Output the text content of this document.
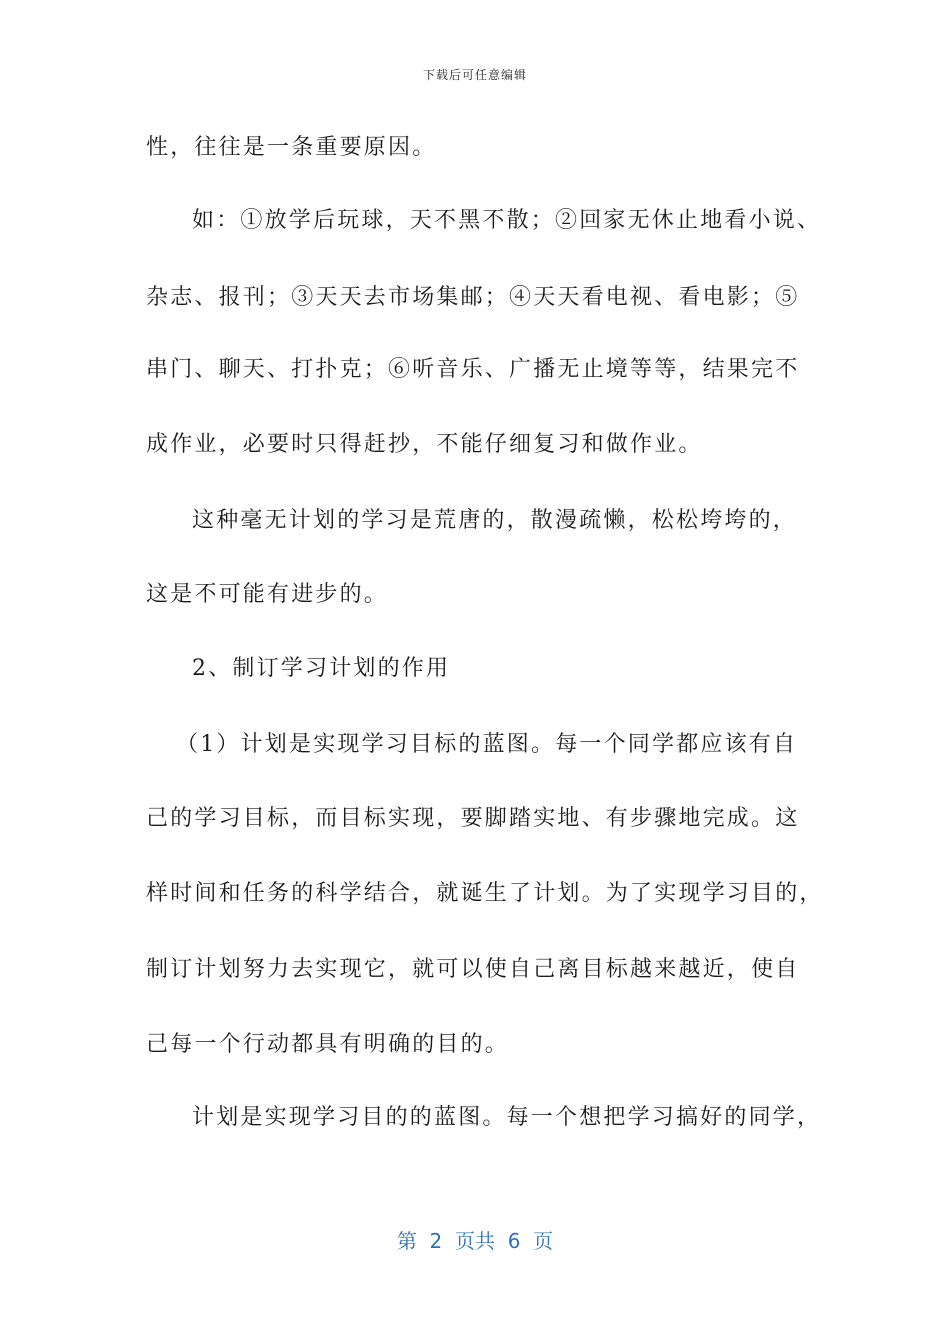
下载后可任意编辑
性，往往是一条重要原因。
如：①放学后玩球，天不黑不散；②回家无休止地看小说、
杂志、报刊；③天天去市场集邮；④天天看电视、看电影；⑤
串门、聊天、打扑克；⑥听音乐、广播无止境等等，结果完不
成作业，必要时只得赶抄，不能仔细复习和做作业。
这种毫无计划的学习是荒唐的，散漫疏懒，松松垮垮的，
这是不可能有进步的。
2、制订学习计划的作用
（1）计划是实现学习目标的蓝图。每一个同学都应该有自
己的学习目标，而目标实现，要脚踏实地、有步骤地完成。这
样时间和任务的科学结合，就诞生了计划。为了实现学习目的，
制订计划努力去实现它，就可以使自己离目标越来越近，使自
己每一个行动都具有明确的目的。
计划是实现学习目的的蓝图。每一个想把学习搞好的同学，
第  2  页共  6  页
